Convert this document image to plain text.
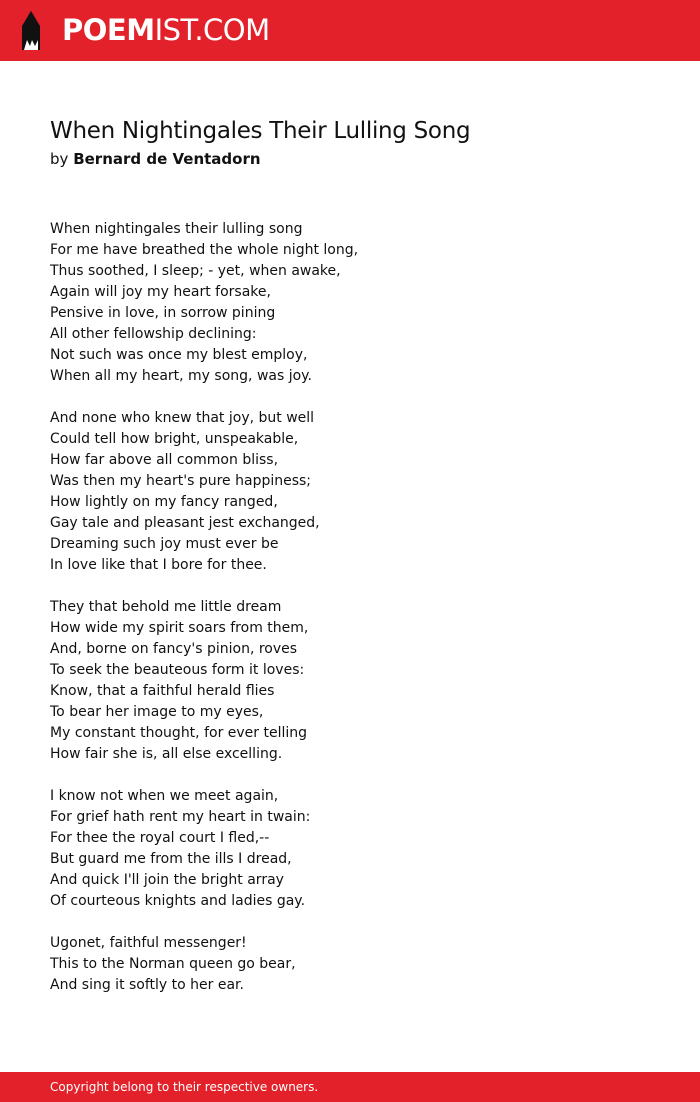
POEMIST.COM
When Nightingales Their Lulling Song
by Bernard de Ventadorn
When nightingales their lulling song
For me have breathed the whole night long,
Thus soothed, I sleep; - yet, when awake,
Again will joy my heart forsake,
Pensive in love, in sorrow pining
All other fellowship declining:
Not such was once my blest employ,
When all my heart, my song, was joy.
And none who knew that joy, but well
Could tell how bright, unspeakable,
How far above all common bliss,
Was then my heart's pure happiness;
How lightly on my fancy ranged,
Gay tale and pleasant jest exchanged,
Dreaming such joy must ever be
In love like that I bore for thee.
They that behold me little dream
How wide my spirit soars from them,
And, borne on fancy's pinion, roves
To seek the beauteous form it loves:
Know, that a faithful herald flies
To bear her image to my eyes,
My constant thought, for ever telling
How fair she is, all else excelling.
I know not when we meet again,
For grief hath rent my heart in twain:
For thee the royal court I fled,--
But guard me from the ills I dread,
And quick I'll join the bright array
Of courteous knights and ladies gay.
Ugonet, faithful messenger!
This to the Norman queen go bear,
And sing it softly to her ear.
Copyright belong to their respective owners.
